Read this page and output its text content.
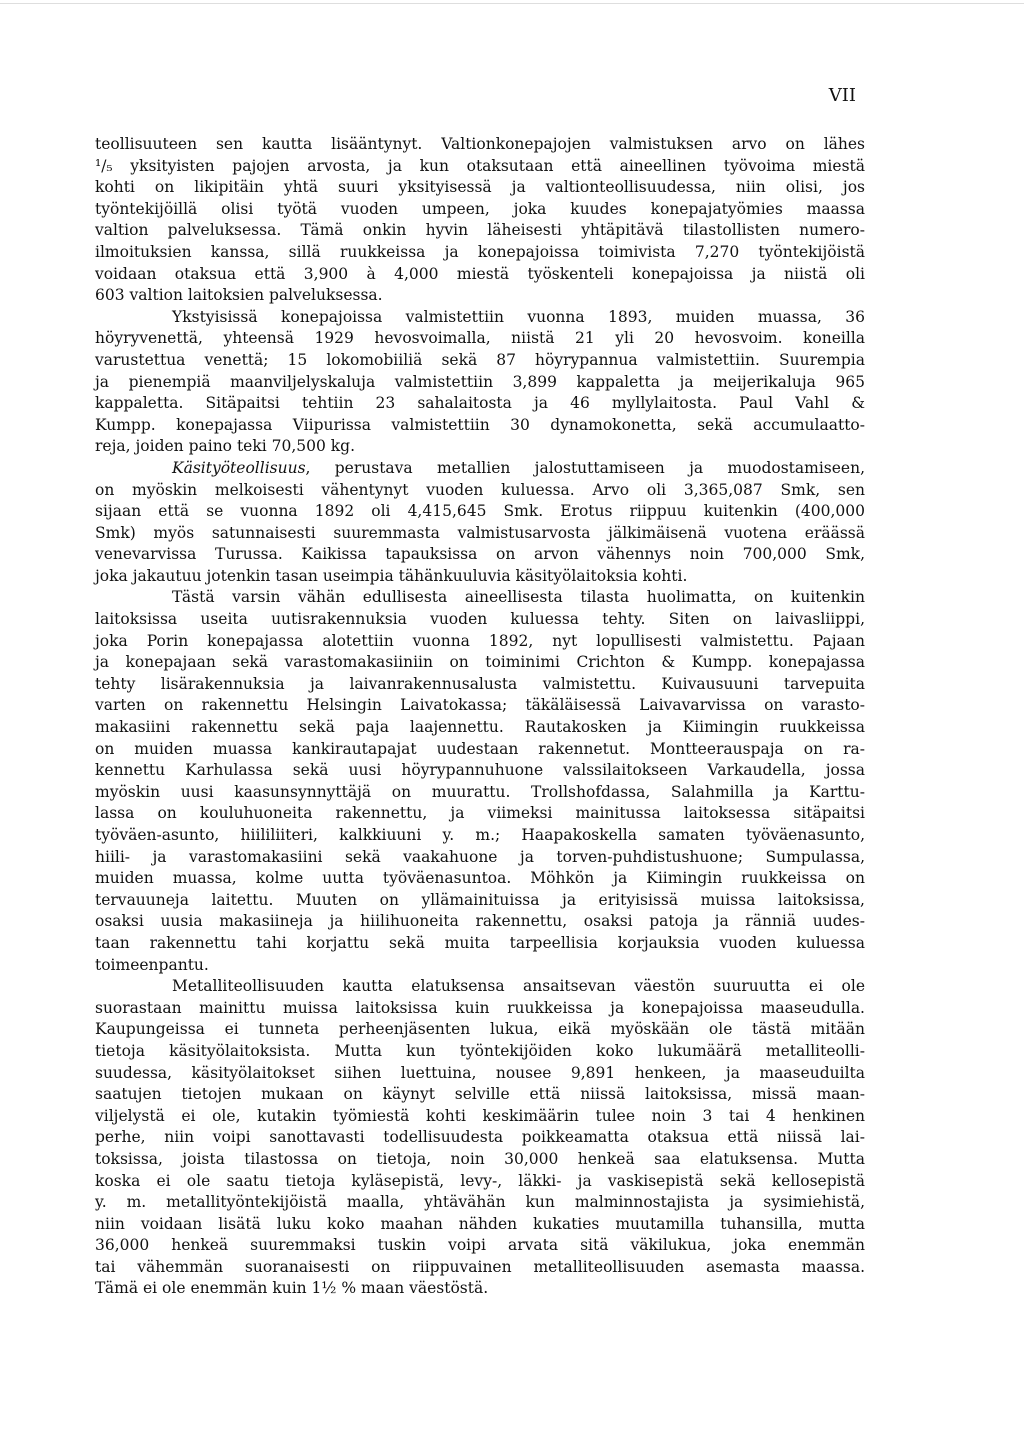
VII
teollisuuteen sen kautta lisääntynyt. Valtionkonepajojen valmistuksen arvo on lähes
¹/₅ yksityisten pajojen arvosta, ja kun otaksutaan että aineellinen työvoima miestä
kohti on likipitäin yhtä suuri yksityisessä ja valtionteollisuudessa, niin olisi, jos
työntekijöillä olisi työtä vuoden umpeen, joka kuudes konepajatyömies maassa
valtion palveluksessa. Tämä onkin hyvin läheisesti yhtäpitävä tilastollisten numero-
ilmoituksien kanssa, sillä ruukkeissa ja konepajoissa toimivista 7,270 työntekijöistä
voidaan otaksua että 3,900 à 4,000 miestä työskenteli konepajoissa ja niistä oli
603 valtion laitoksien palveluksessa.
Ykstyisissä konepajoissa valmistettiin vuonna 1893, muiden muassa, 36
höyryvenettä, yhteensä 1929 hevosvoimalla, niistä 21 yli 20 hevosvoim. koneilla
varustettua venettä; 15 lokomobiiliä sekä 87 höyrypannua valmistettiin. Suurempia
ja pienempiä maanviljelyskaluja valmistettiin 3,899 kappaletta ja meijerikaluja 965
kappaletta. Sitäpaitsi tehtiin 23 sahalaitosta ja 46 myllylaitosta. Paul Vahl &
Kumpp. konepajassa Viipurissa valmistettiin 30 dynamokonetta, sekä accumulaatto-
reja, joiden paino teki 70,500 kg.
Käsityöteollisuus, perustava metallien jalostuttamiseen ja muodostamiseen,
on myöskin melkoisesti vähentynyt vuoden kuluessa. Arvo oli 3,365,087 Smk, sen
sijaan että se vuonna 1892 oli 4,415,645 Smk. Erotus riippuu kuitenkin (400,000
Smk) myös satunnaisesti suuremmasta valmistusarvosta jälkimäisenä vuotena eräässä
venevarvissa Turussa. Kaikissa tapauksissa on arvon vähennys noin 700,000 Smk,
joka jakautuu jotenkin tasan useimpia tähänkuuluvia käsityölaitoksia kohti.
Tästä varsin vähän edullisesta aineellisesta tilasta huolimatta, on kuitenkin
laitoksissa useita uutisrakennuksia vuoden kuluessa tehty. Siten on laivasliippi,
joka Porin konepajassa alotettiin vuonna 1892, nyt lopullisesti valmistettu. Pajaan
ja konepajaan sekä varastomakasiiniin on toiminimi Crichton & Kumpp. konepajassa
tehty lisärakennuksia ja laivanrakennusalusta valmistettu. Kuivausuuni tarvepuita
varten on rakennettu Helsingin Laivatokassa; täkäläisessä Laivavarvissa on varasto-
makasiini rakennettu sekä paja laajennettu. Rautakosken ja Kiimingin ruukkeissa
on muiden muassa kankirautapajat uudestaan rakennetut. Montteerauspaja on ra-
kennettu Karhulassa sekä uusi höyrypannuhuone valssilaitokseen Varkaudella, jossa
myöskin uusi kaasunsynnyttäjä on muurattu. Trollshofdassa, Salahmilla ja Karttu-
lassa on kouluhuoneita rakennettu, ja viimeksi mainitussa laitoksessa sitäpaitsi
työväen-asunto, hiililiiteri, kalkkiuuni y. m.; Haapakoskella samaten työväenasunto,
hiili- ja varastomakasiini sekä vaakahuone ja torven-puhdistushuone; Sumpulassa,
muiden muassa, kolme uutta työväenasuntoa. Möhkön ja Kiimingin ruukkeissa on
tervauuneja laitettu. Muuten on yllämainituissa ja erityisissä muissa laitoksissa,
osaksi uusia makasiineja ja hiilihuoneita rakennettu, osaksi patoja ja ränniä uudes-
taan rakennettu tahi korjattu sekä muita tarpeellisia korjauksia vuoden kuluessa
toimeenpantu.
Metalliteollisuuden kautta elatuksensa ansaitsevan väestön suuruutta ei ole
suorastaan mainittu muissa laitoksissa kuin ruukkeissa ja konepajoissa maaseudulla.
Kaupungeissa ei tunneta perheenjäsenten lukua, eikä myöskään ole tästä mitään
tietoja käsityölaitoksista. Mutta kun työntekijöiden koko lukumäärä metalliteolli-
suudessa, käsityölaitokset siihen luettuina, nousee 9,891 henkeen, ja maaseuduilta
saatujen tietojen mukaan on käynyt selville että niissä laitoksissa, missä maan-
viljelystä ei ole, kutakin työmiestä kohti keskimäärin tulee noin 3 tai 4 henkinen
perhe, niin voipi sanottavasti todellisuudesta poikkeamatta otaksua että niissä lai-
toksissa, joista tilastossa on tietoja, noin 30,000 henkeä saa elatuksensa. Mutta
koska ei ole saatu tietoja kyläsepistä, levy-, läkki- ja vaskisepistä sekä kellosepistä
y. m. metallityöntekijöistä maalla, yhtävähän kun malminnostajista ja sysimiehistä,
niin voidaan lisätä luku koko maahan nähden kukaties muutamilla tuhansilla, mutta
36,000 henkeä suuremmaksi tuskin voipi arvata sitä väkilukua, joka enemmän
tai vähemmän suoranaisesti on riippuvainen metalliteollisuuden asemasta maassa.
Tämä ei ole enemmän kuin 1½ % maan väestöstä.
